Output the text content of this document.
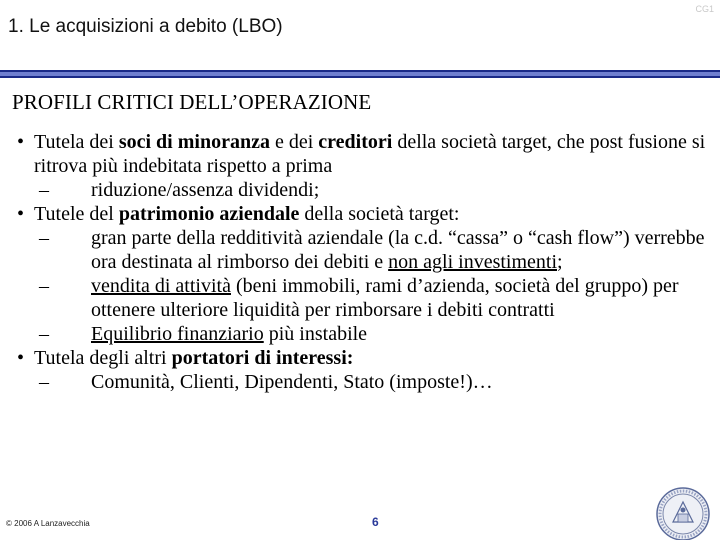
CG1
1. Le acquisizioni a debito (LBO)
PROFILI CRITICI DELL’OPERAZIONE

• Tutela dei soci di minoranza e dei creditori della società target, che post fusione si ritrova più indebitata rispetto a prima

– riduzione/assenza dividendi;

• Tutele del patrimonio aziendale della società target:

– gran parte della redditività aziendale (la c.d. “cassa” o “cash flow”) verrebbe ora destinata al rimborso dei debiti e non agli investimenti;

– vendita di attività (beni immobili, rami d’azienda, società del gruppo) per ottenere ulteriore liquidità per rimborsare i debiti contratti

– Equilibrio finanziario più instabile

• Tutela degli altri portatori di interessi:

– Comunità, Clienti, Dipendenti, Stato (imposte!)…

© 2006 A Lanzavecchia	6
